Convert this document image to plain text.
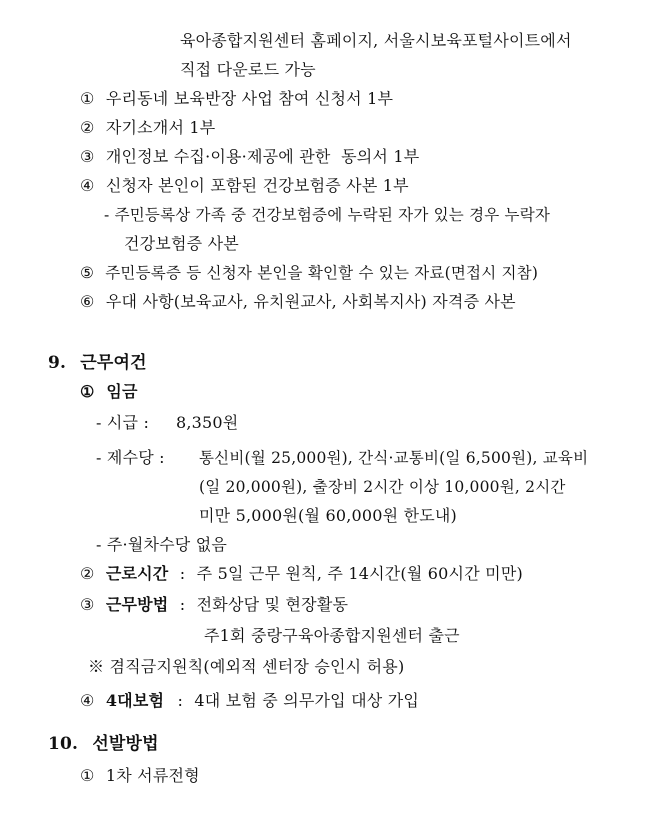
육아종합지원센터 홈페이지, 서울시보육포털사이트에서
직접 다운로드 가능
① 우리동네 보육반장 사업 참여 신청서 1부
② 자기소개서 1부
③ 개인정보 수집·이용·제공에 관한  동의서 1부
④ 신청자 본인이 포함된 건강보험증 사본 1부
- 주민등록상 가족 중 건강보험증에 누락된 자가 있는 경우 누락자
건강보험증 사본
⑤ 주민등록증 등 신청자 본인을 확인할 수 있는 자료(면접시 지참)
⑥ 우대 사항(보육교사, 유치원교사, 사회복지사) 자격증 사본
9. 근무여건
① 임금
- 시급 : 8,350원
- 제수당 : 통신비(월 25,000원), 간식·교통비(일 6,500원), 교육비
(일 20,000원), 출장비 2시간 이상 10,000원, 2시간
미만 5,000원(월 60,000원 한도내)
- 주·월차수당 없음
② 근로시간 : 주 5일 근무 원칙, 주 14시간(월 60시간 미만)
③ 근무방법 : 전화상담 및 현장활동
주1회 중랑구육아종합지원센터 출근
※ 겸직금지원칙(예외적 센터장 승인시 허용)
④ 4대보험 : 4대 보험 중 의무가입 대상 가입
10. 선발방법
① 1차 서류전형
